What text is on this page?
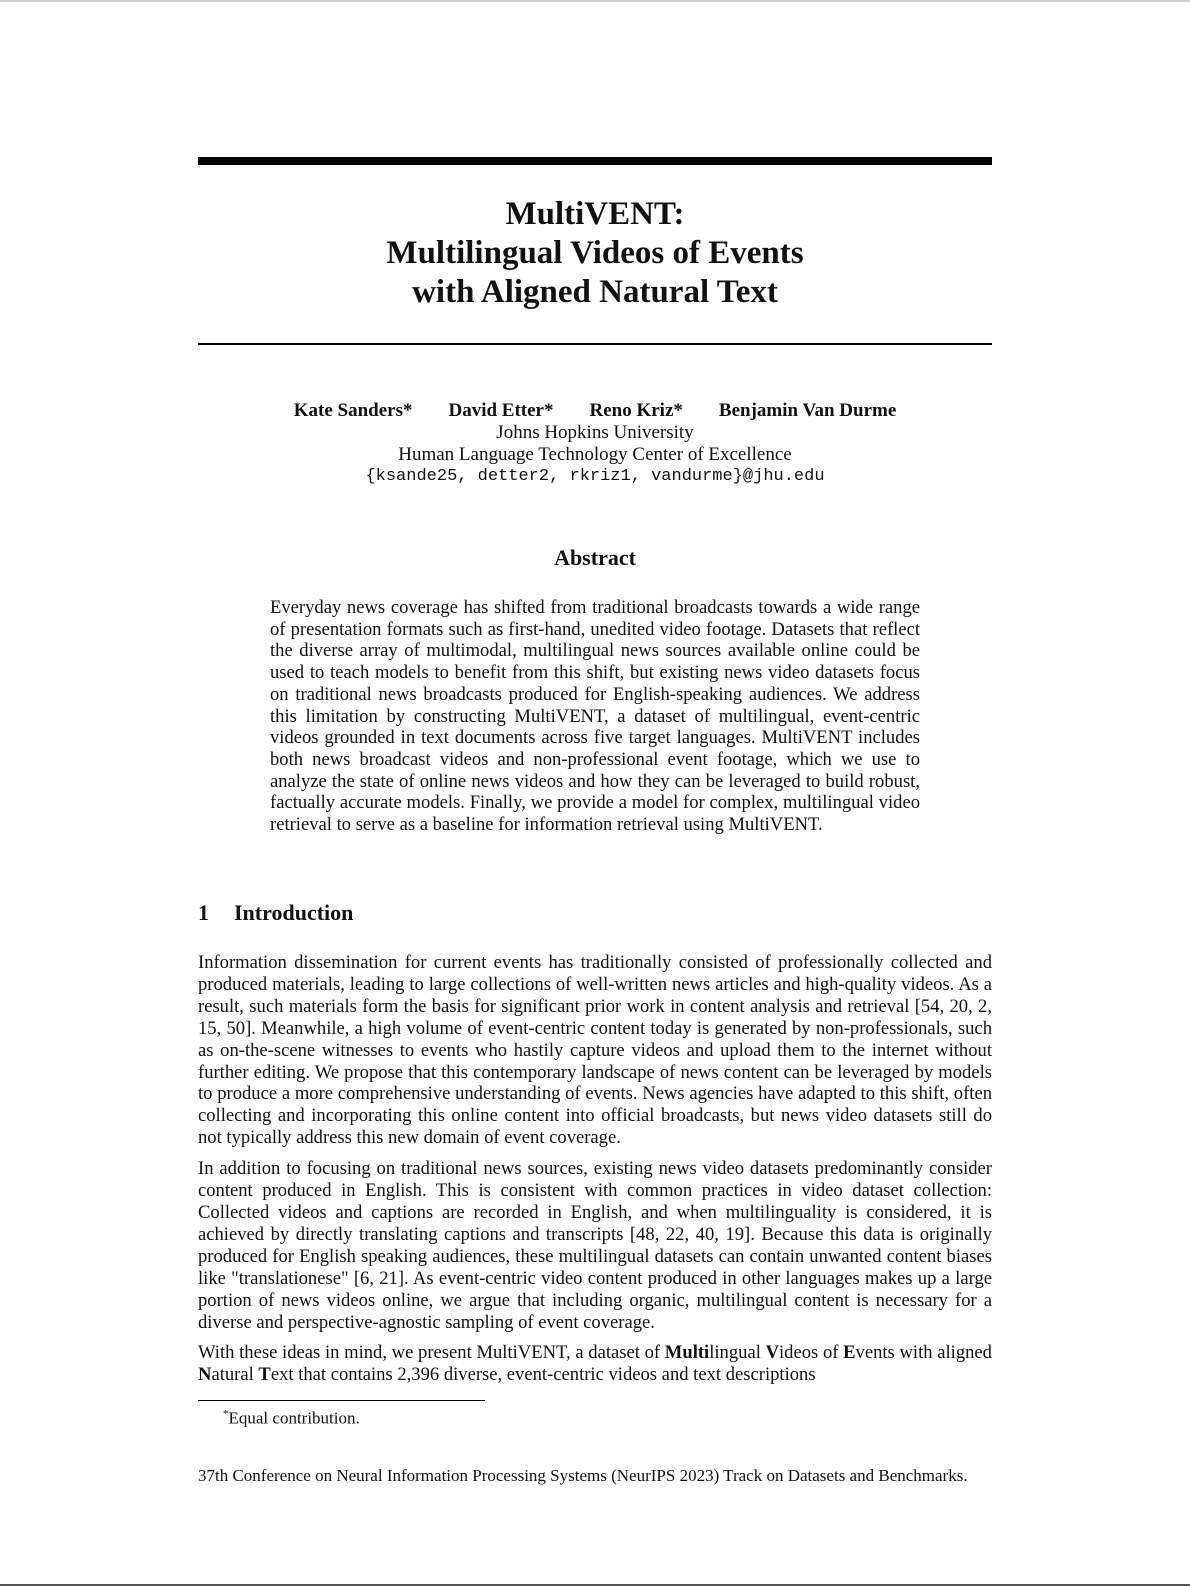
MultiVENT:
Multilingual Videos of Events
with Aligned Natural Text
Kate Sanders* David Etter* Reno Kriz* Benjamin Van Durme
Johns Hopkins University
Human Language Technology Center of Excellence
{ksande25, detter2, rkriz1, vandurme}@jhu.edu
Abstract
Everyday news coverage has shifted from traditional broadcasts towards a wide range of presentation formats such as first-hand, unedited video footage. Datasets that reflect the diverse array of multimodal, multilingual news sources available online could be used to teach models to benefit from this shift, but existing news video datasets focus on traditional news broadcasts produced for English-speaking audiences. We address this limitation by constructing MultiVENT, a dataset of multilingual, event-centric videos grounded in text documents across five target languages. MultiVENT includes both news broadcast videos and non-professional event footage, which we use to analyze the state of online news videos and how they can be leveraged to build robust, factually accurate models. Finally, we provide a model for complex, multilingual video retrieval to serve as a baseline for information retrieval using MultiVENT.
1 Introduction

Information dissemination for current events has traditionally consisted of professionally collected and produced materials, leading to large collections of well-written news articles and high-quality videos. As a result, such materials form the basis for significant prior work in content analysis and retrieval [54, 20, 2, 15, 50]. Meanwhile, a high volume of event-centric content today is generated by non-professionals, such as on-the-scene witnesses to events who hastily capture videos and upload them to the internet without further editing. We propose that this contemporary landscape of news content can be leveraged by models to produce a more comprehensive understanding of events. News agencies have adapted to this shift, often collecting and incorporating this online content into official broadcasts, but news video datasets still do not typically address this new domain of event coverage.

In addition to focusing on traditional news sources, existing news video datasets predominantly consider content produced in English. This is consistent with common practices in video dataset collection: Collected videos and captions are recorded in English, and when multilinguality is considered, it is achieved by directly translating captions and transcripts [48, 22, 40, 19]. Because this data is originally produced for English speaking audiences, these multilingual datasets can contain unwanted content biases like "translationese" [6, 21]. As event-centric video content produced in other languages makes up a large portion of news videos online, we argue that including organic, multilingual content is necessary for a diverse and perspective-agnostic sampling of event coverage.

With these ideas in mind, we present MultiVENT, a dataset of Multilingual Videos of Events with aligned Natural Text that contains 2,396 diverse, event-centric videos and text descriptions

*Equal contribution.
37th Conference on Neural Information Processing Systems (NeurIPS 2023) Track on Datasets and Benchmarks.
